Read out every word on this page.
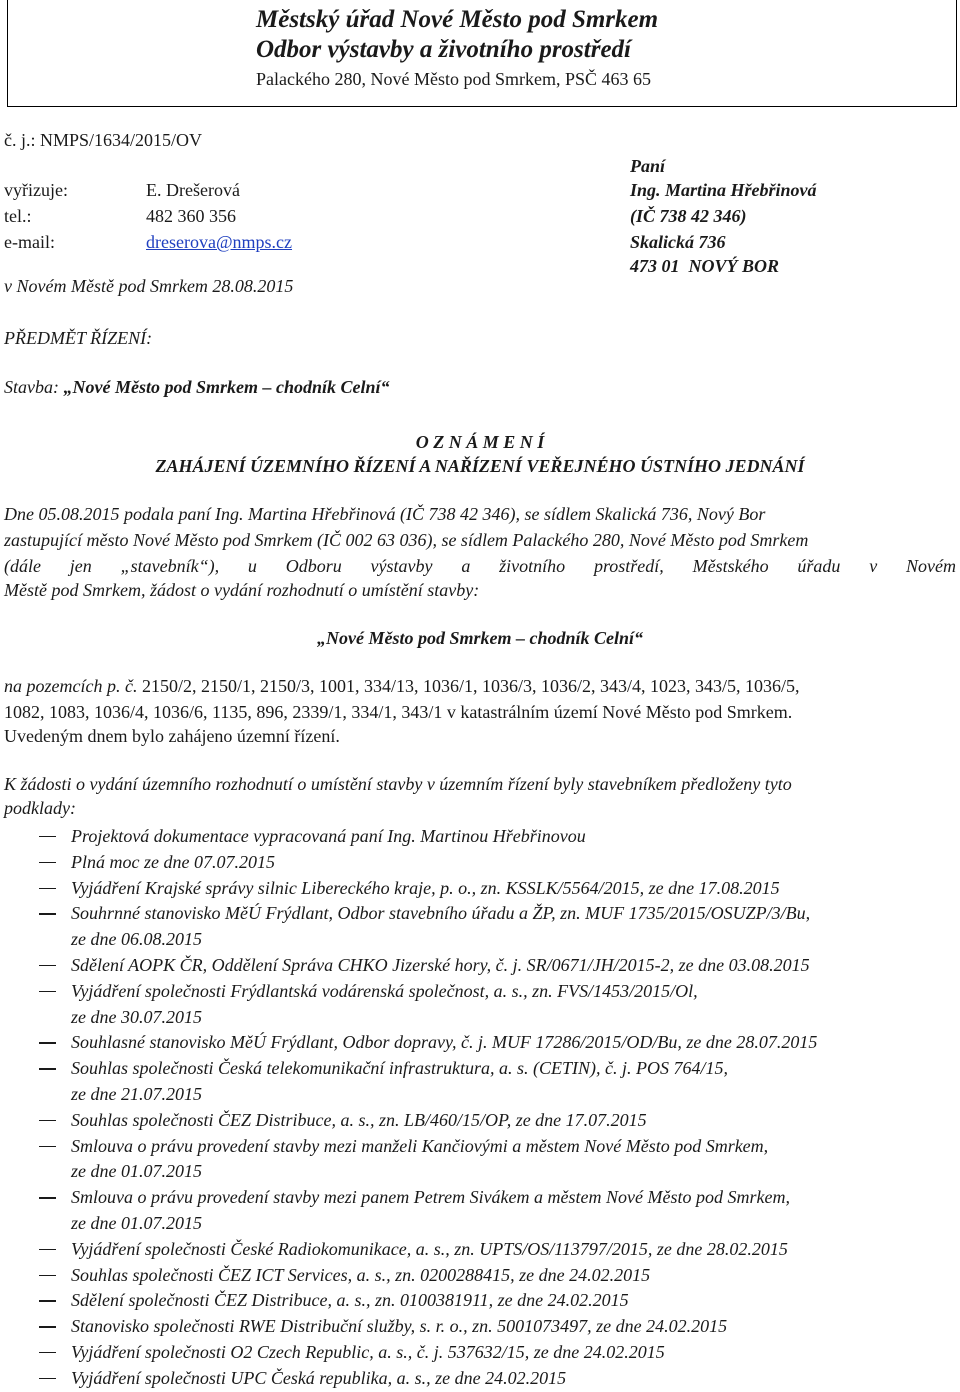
Městský úřad Nové Město pod Smrkem
Odbor výstavby a životního prostředí
Palackého 280, Nové Město pod Smrkem, PSČ 463 65
č. j.: NMPS/1634/2015/OV
vyřizuje:	E. Drešerová
tel.:	482 360 356
e-mail:	dreserova@nmps.cz
v Novém Městě pod Smrkem 28.08.2015
Paní
Ing. Martina Hřebřinová
(IČ 738 42 346)
Skalická 736
473 01  NOVÝ BOR
PŘEDMĚT ŘÍZENÍ:
Stavba: „Nové Město pod Smrkem – chodník Celní“
O Z N Á M E N Í
ZAHÁJENÍ ÚZEMNÍHO ŘÍZENÍ A NAŘÍZENÍ VEŘEJNÉHO ÚSTNÍHO JEDNÁNÍ
Dne 05.08.2015 podala paní Ing. Martina Hřebřinová (IČ 738 42 346), se sídlem Skalická 736, Nový Bor
zastupující město Nové Město pod Smrkem (IČ 002 63 036), se sídlem Palackého 280, Nové Město pod Smrkem
(dále jen „stavebník“), u Odboru výstavby a životního prostředí, Městského úřadu v Novém
Městě pod Smrkem, žádost o vydání rozhodnutí o umístění stavby:
„Nové Město pod Smrkem – chodník Celní“
na pozemcích p. č. 2150/2, 2150/1, 2150/3, 1001, 334/13, 1036/1, 1036/3, 1036/2, 343/4, 1023, 343/5, 1036/5,
1082, 1083, 1036/4, 1036/6, 1135, 896, 2339/1, 334/1, 343/1 v katastrálním území Nové Město pod Smrkem.
Uvedeným dnem bylo zahájeno územní řízení.
K žádosti o vydání územního rozhodnutí o umístění stavby v územním řízení byly stavebníkem předloženy tyto
podklady:
Projektová dokumentace vypracovaná paní Ing. Martinou Hřebřinovou
Plná moc ze dne 07.07.2015
Vyjádření Krajské správy silnic Libereckého kraje, p. o., zn. KSSLK/5564/2015, ze dne 17.08.2015
Souhrnné stanovisko MěÚ Frýdlant, Odbor stavebního úřadu a ŽP, zn. MUF 1735/2015/OSUZP/3/Bu,
ze dne 06.08.2015
Sdělení AOPK ČR, Oddělení Správa CHKO Jizerské hory, č. j. SR/0671/JH/2015-2, ze dne 03.08.2015
Vyjádření společnosti Frýdlantská vodárenská společnost, a. s., zn. FVS/1453/2015/Ol,
ze dne 30.07.2015
Souhlasné stanovisko MěÚ Frýdlant, Odbor dopravy, č. j. MUF 17286/2015/OD/Bu, ze dne 28.07.2015
Souhlas společnosti Česká telekomunikační infrastruktura, a. s. (CETIN), č. j. POS 764/15,
ze dne 21.07.2015
Souhlas společnosti ČEZ Distribuce, a. s., zn. LB/460/15/OP, ze dne 17.07.2015
Smlouva o právu provedení stavby mezi manželi Kančiovými a městem Nové Město pod Smrkem,
ze dne 01.07.2015
Smlouva o právu provedení stavby mezi panem Petrem Sivákem a městem Nové Město pod Smrkem,
ze dne 01.07.2015
Vyjádření společnosti České Radiokomunikace, a. s., zn. UPTS/OS/113797/2015, ze dne 28.02.2015
Souhlas společnosti ČEZ ICT Services, a. s., zn. 0200288415, ze dne 24.02.2015
Sdělení společnosti ČEZ Distribuce, a. s., zn. 0100381911, ze dne 24.02.2015
Stanovisko společnosti RWE Distribuční služby, s. r. o., zn. 5001073497, ze dne 24.02.2015
Vyjádření společnosti O2 Czech Republic, a. s., č. j. 537632/15, ze dne 24.02.2015
Vyjádření společnosti UPC Česká republika, a. s., ze dne 24.02.2015
